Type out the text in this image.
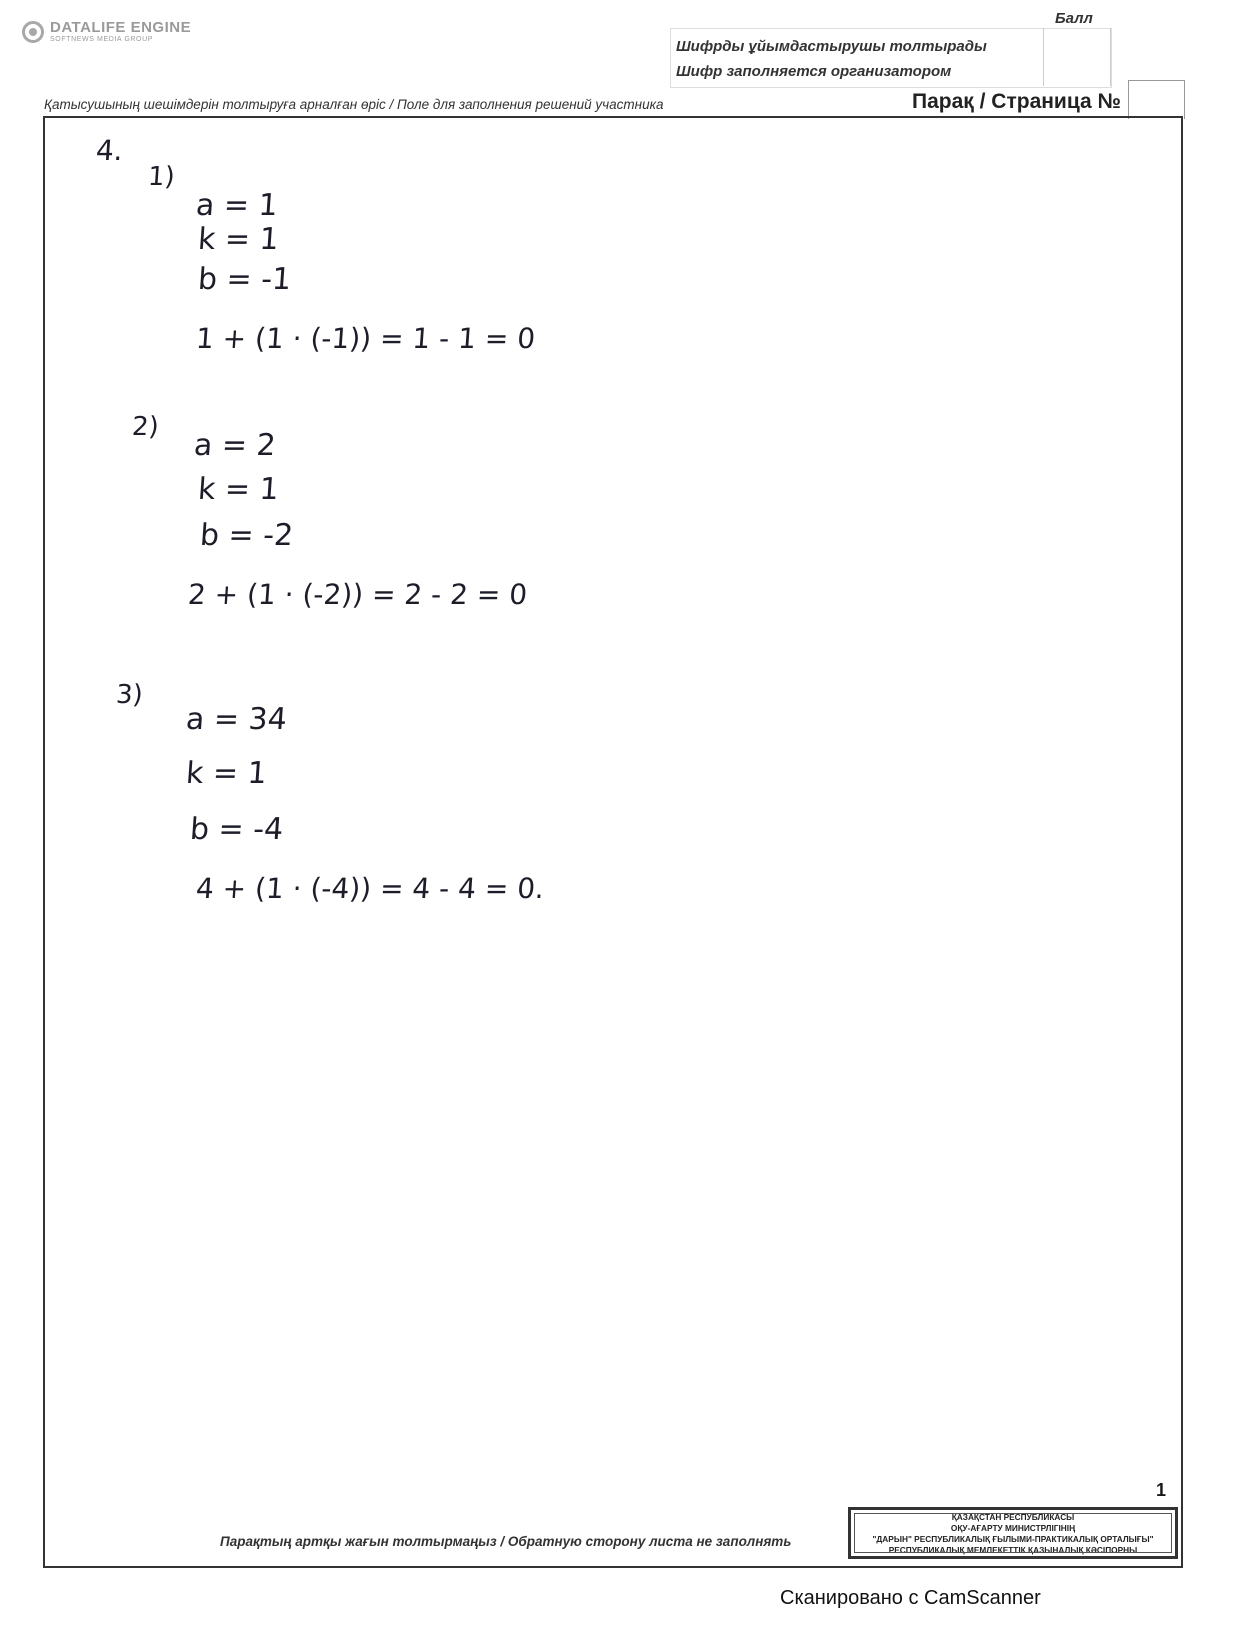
DATALIFE ENGINE
SOFTNEWS MEDIA GROUP
Балл
Шифрды ұйымдастырушы толтырады
Шифр заполняется организатором
Қатысушының шешімдерін толтыруға арналған өріс / Поле для заполнения решений участника	Парақ / Страница №
4.
1)
a = 1
k = 1
b = -1
1 + (1 · (-1)) = 1 - 1 = 0
2)
a = 2
k = 1
b = -2
2 + (1 · (-2)) = 2 - 2 = 0
3)
a = 34
k = 1
b = -4
4 + (1 · (-4)) = 4 - 4 = 0.
1
Парақтың артқы жағын толтырмаңыз / Обратную сторону листа не заполнять
ҚАЗАҚСТАН РЕСПУБЛИКАСЫ
ОҚУ-АҒАРТУ МИНИСТРЛІГІНІҢ
"ДАРЫН" РЕСПУБЛИКАЛЫҚ ҒЫЛЫМИ-ПРАКТИКАЛЫҚ ОРТАЛЫҒЫ"
РЕСПУБЛИКАЛЫҚ МЕМЛЕКЕТТІК ҚАЗЫНАЛЫҚ КӘСІПОРНЫ
Сканировано с CamScanner
